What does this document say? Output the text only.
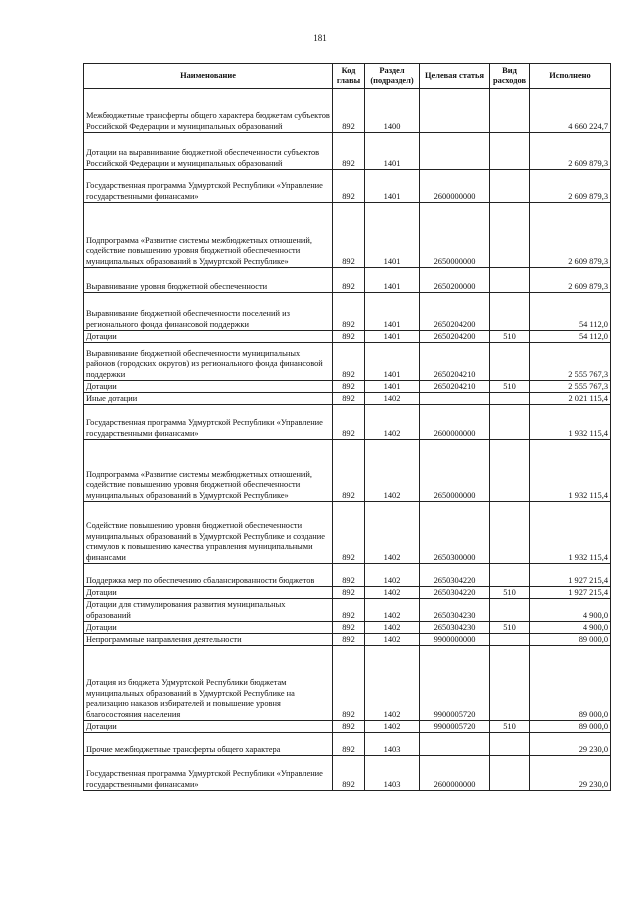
181
Наименование	Код главы	Раздел (подраздел)	Целевая статья	Вид расходов	Исполнено
Межбюджетные трансферты общего характера бюджетам субъектов Российской Федерации и муниципальных образований	892	1400			4 660 224,7
Дотации на выравнивание бюджетной обеспеченности субъектов Российской Федерации и муниципальных образований	892	1401			2 609 879,3
Государственная программа Удмуртской Республики «Управление государственными финансами»	892	1401	2600000000		2 609 879,3
Подпрограмма «Развитие системы межбюджетных отношений, содействие повышению уровня бюджетной обеспеченности муниципальных образований в Удмуртской Республике»	892	1401	2650000000		2 609 879,3
Выравнивание уровня бюджетной обеспеченности	892	1401	2650200000		2 609 879,3
Выравнивание бюджетной обеспеченности поселений из регионального фонда финансовой поддержки	892	1401	2650204200		54 112,0
Дотации	892	1401	2650204200	510	54 112,0
Выравнивание бюджетной обеспеченности муниципальных районов (городских округов) из регионального фонда финансовой поддержки	892	1401	2650204210		2 555 767,3
Дотации	892	1401	2650204210	510	2 555 767,3
Иные дотации	892	1402			2 021 115,4
Государственная программа Удмуртской Республики «Управление государственными финансами»	892	1402	2600000000		1 932 115,4
Подпрограмма «Развитие системы межбюджетных отношений, содействие повышению уровня бюджетной обеспеченности муниципальных образований в Удмуртской Республике»	892	1402	2650000000		1 932 115,4
Содействие повышению уровня бюджетной обеспеченности муниципальных образований в Удмуртской Республике и создание стимулов к повышению качества управления муниципальными финансами	892	1402	2650300000		1 932 115,4
Поддержка мер по обеспечению сбалансированности бюджетов	892	1402	2650304220		1 927 215,4
Дотации	892	1402	2650304220	510	1 927 215,4
Дотации для стимулирования развития муниципальных образований	892	1402	2650304230		4 900,0
Дотации	892	1402	2650304230	510	4 900,0
Непрограммные направления деятельности	892	1402	9900000000		89 000,0
Дотация из бюджета Удмуртской Республики бюджетам муниципальных образований в Удмуртской Республике на реализацию наказов избирателей и повышение уровня благосостояния населения	892	1402	9900005720		89 000,0
Дотации	892	1402	9900005720	510	89 000,0
Прочие межбюджетные трансферты общего характера	892	1403			29 230,0
Государственная программа Удмуртской Республики «Управление государственными финансами»	892	1403	2600000000		29 230,0
